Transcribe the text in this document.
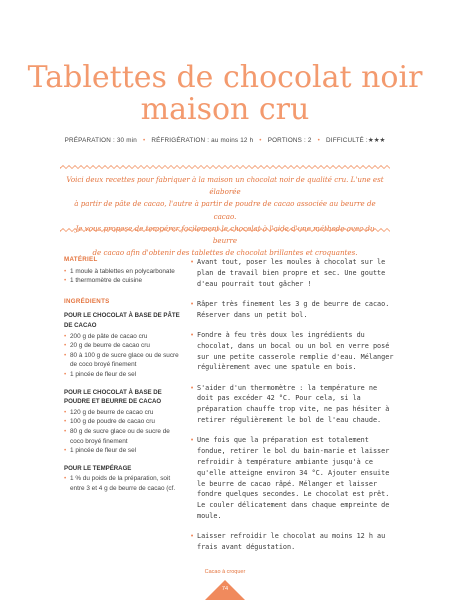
Tablettes de chocolat noir
maison cru
PRÉPARATION : 30 min • RÉFRIGÉRATION : au moins 12 h • PORTIONS : 2 • DIFFICULTÉ :★★★

Voici deux recettes pour fabriquer à la maison un chocolat noir de qualité cru. L'une est élaborée

à partir de pâte de cacao, l'autre à partir de poudre de cacao associée au beurre de cacao.

Je vous propose de tempérer facilement le chocolat à l'aide d'une méthode avec du beurre

de cacao afin d'obtenir des tablettes de chocolat brillantes et croquantes.

MATÉRIEL
• 1 moule à tablettes en polycarbonate
• 1 thermomètre de cuisine
INGRÉDIENTS
POUR LE CHOCOLAT À BASE DE PÂTE DE CACAO
• 200 g de pâte de cacao cru
• 20 g de beurre de cacao cru
• 80 à 100 g de sucre glace ou de sucre de coco broyé finement
• 1 pincée de fleur de sel
POUR LE CHOCOLAT À BASE DE POUDRE ET BEURRE DE CACAO
• 120 g de beurre de cacao cru
• 100 g de poudre de cacao cru
• 80 g de sucre glace ou de sucre de coco broyé finement
• 1 pincée de fleur de sel
POUR LE TEMPÉRAGE
• 1 % du poids de la préparation, soit entre 3 et 4 g de beurre de cacao (cf.

• Avant tout, poser les moules à chocolat sur le plan de travail bien propre et sec. Une goutte d'eau pourrait tout gâcher !

• Râper très finement les 3 g de beurre de cacao. Réserver dans un petit bol.

• Fondre à feu très doux les ingrédients du chocolat, dans un bocal ou un bol en verre posé sur une petite casserole remplie d'eau. Mélanger régulièrement avec une spatule en bois.

• S'aider d'un thermomètre : la température ne doit pas excéder 42 °C. Pour cela, si la préparation chauffe trop vite, ne pas hésiter à retirer régulièrement le bol de l'eau chaude.

• Une fois que la préparation est totalement fondue, retirer le bol du bain-marie et laisser refroidir à température ambiante jusqu'à ce qu'elle atteigne environ 34 °C. Ajouter ensuite le beurre de cacao râpé. Mélanger et laisser fondre quelques secondes. Le chocolat est prêt. Le couler délicatement dans chaque empreinte de moule.

• Laisser refroidir le chocolat au moins 12 h au frais avant dégustation.

Cacao à croquer
74
